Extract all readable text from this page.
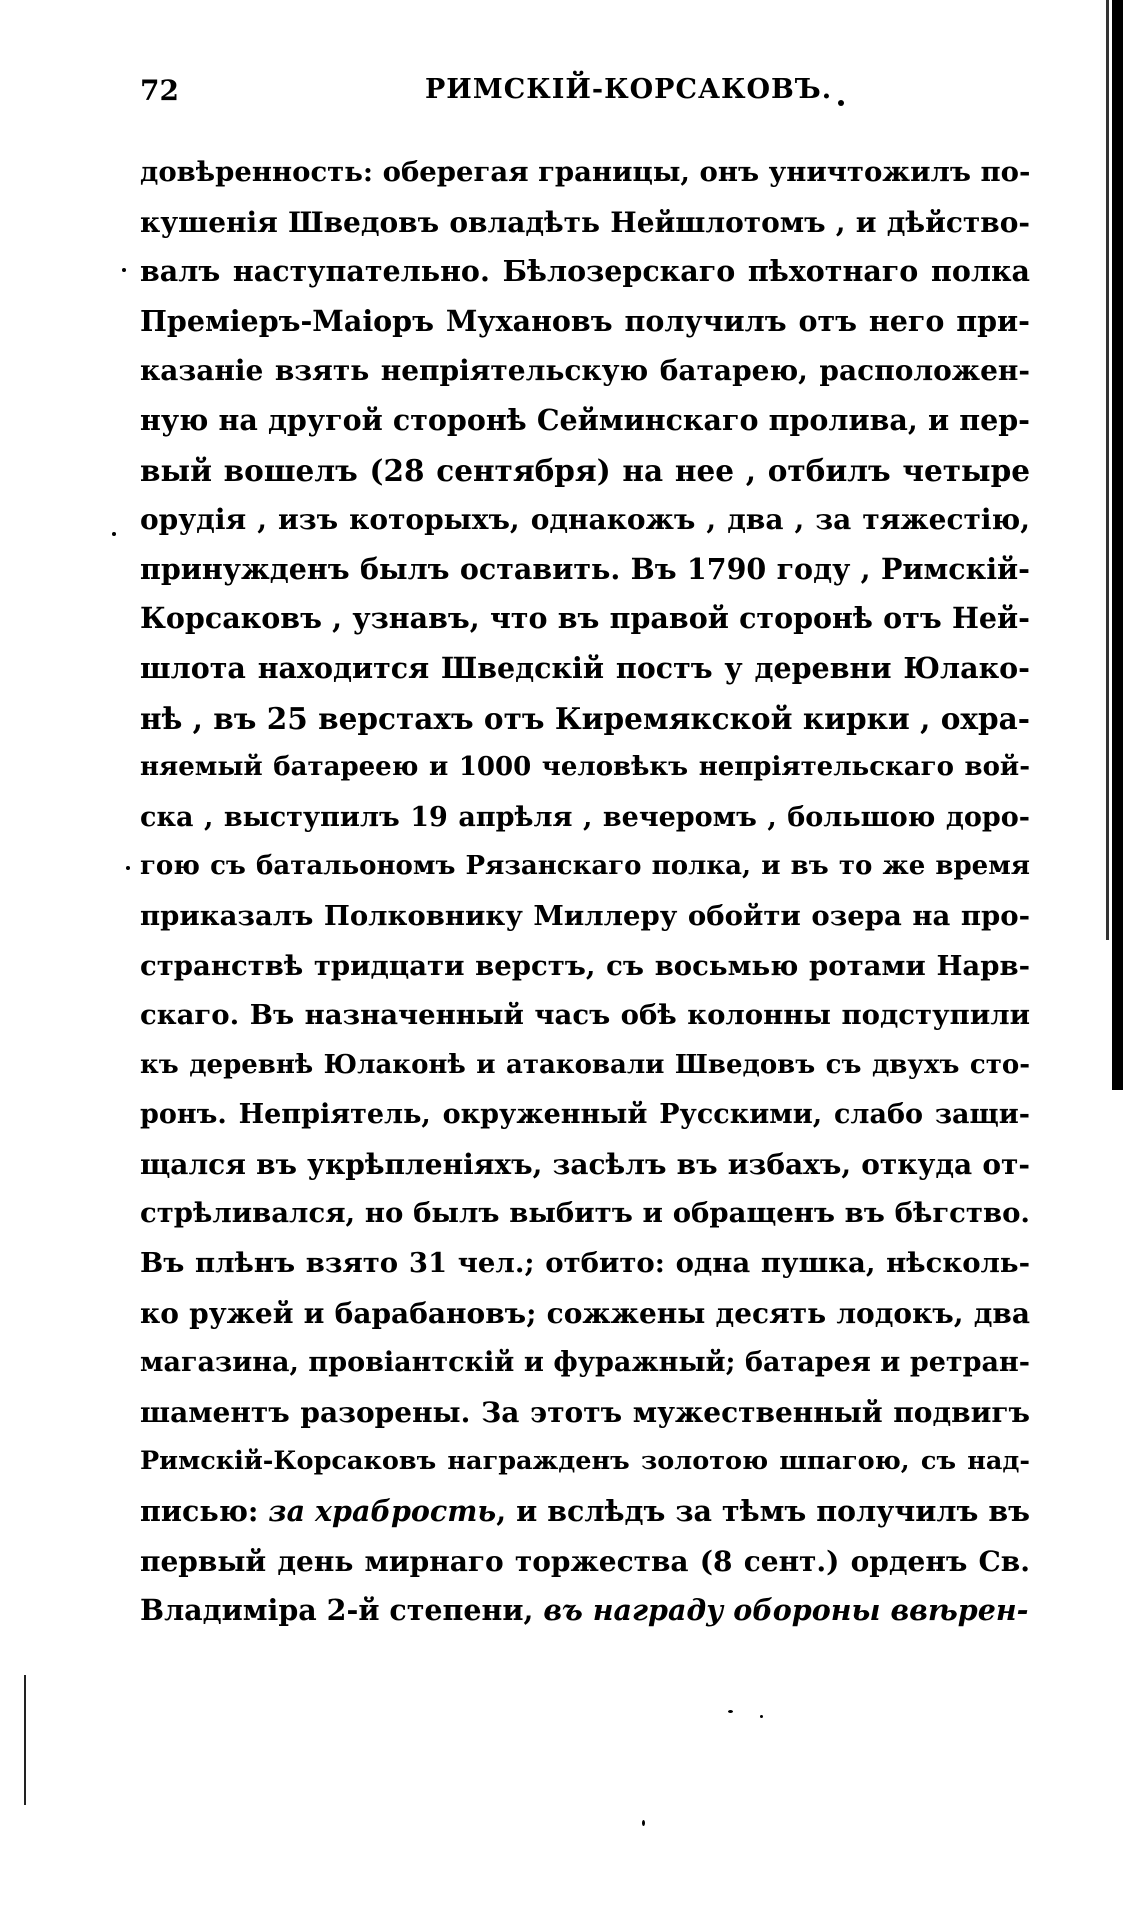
72	РИМСКІЙ-КОРСАКОВЪ.
довѣренность: оберегая границы, онъ уничтожилъ по-
кушенія Шведовъ овладѣть Нейшлотомъ , и дѣйство-
валъ наступательно. Бѣлозерскаго пѣхотнаго полка
Преміеръ-Маіоръ Мухановъ получилъ отъ него при-
казаніе взять непріятельскую батарею, расположен-
ную на другой сторонѣ Сейминскаго пролива, и пер-
вый вошелъ (28 сентября) на нее , отбилъ четыре
орудія , изъ которыхъ, однакожъ , два , за тяжестію,
принужденъ былъ оставить. Въ 1790 году , Римскій-
Корсаковъ , узнавъ, что въ правой сторонѣ отъ Ней-
шлота находится Шведскій постъ у деревни Юлако-
нѣ , въ 25 верстахъ отъ Киремякской кирки , охра-
няемый батареею и 1000 человѣкъ непріятельскаго вой-
ска , выступилъ 19 апрѣля , вечеромъ , большою доро-
гою съ батальономъ Рязанскаго полка, и въ то же время
приказалъ Полковнику Миллеру обойти озера на про-
странствѣ тридцати верстъ, съ восьмью ротами Нарв-
скаго. Въ назначенный часъ обѣ колонны подступили
къ деревнѣ Юлаконѣ и атаковали Шведовъ съ двухъ сто-
ронъ. Непріятель, окруженный Русскими, слабо защи-
щался въ укрѣпленіяхъ, засѣлъ въ избахъ, откуда от-
стрѣливался, но былъ выбитъ и обращенъ въ бѣгство.
Въ плѣнъ взято 31 чел.; отбито: одна пушка, нѣсколь-
ко ружей и барабановъ; сожжены десять лодокъ, два
магазина, провіантскій и фуражный; батарея и ретран-
шаментъ разорены. За этотъ мужественный подвигъ
Римскій-Корсаковъ награжденъ золотою шпагою, съ над-
писью: за храбрость, и вслѣдъ за тѣмъ получилъ въ
первый день мирнаго торжества (8 сент.) орденъ Св.
Владиміра 2-й степени, въ награду обороны ввѣрен-
